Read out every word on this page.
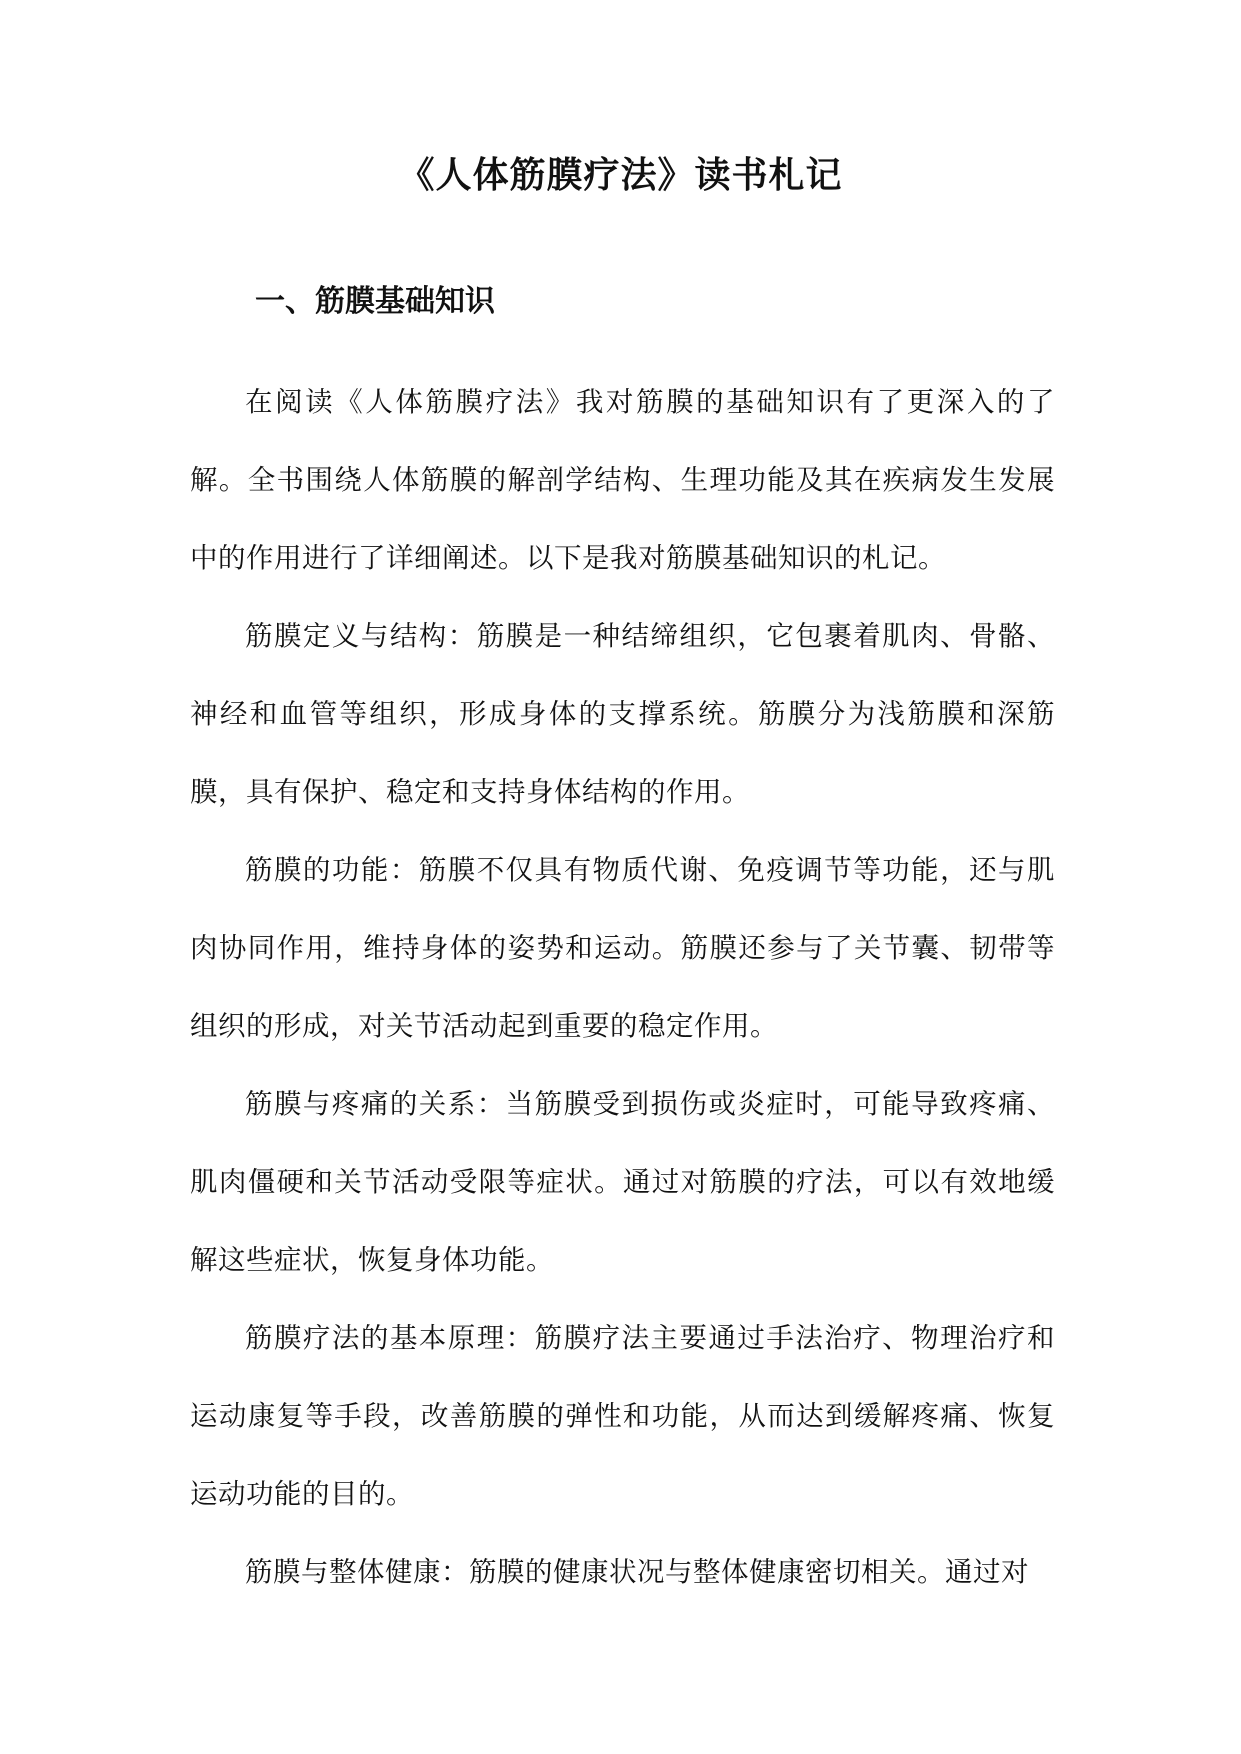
《人体筋膜疗法》读书札记
一、筋膜基础知识

在阅读《人体筋膜疗法》我对筋膜的基础知识有了更深入的了解。全书围绕人体筋膜的解剖学结构、生理功能及其在疾病发生发展中的作用进行了详细阐述。以下是我对筋膜基础知识的札记。

筋膜定义与结构：筋膜是一种结缔组织，它包裹着肌肉、骨骼、神经和血管等组织，形成身体的支撑系统。筋膜分为浅筋膜和深筋膜，具有保护、稳定和支持身体结构的作用。

筋膜的功能：筋膜不仅具有物质代谢、免疫调节等功能，还与肌肉协同作用，维持身体的姿势和运动。筋膜还参与了关节囊、韧带等组织的形成，对关节活动起到重要的稳定作用。

筋膜与疼痛的关系：当筋膜受到损伤或炎症时，可能导致疼痛、肌肉僵硬和关节活动受限等症状。通过对筋膜的疗法，可以有效地缓解这些症状，恢复身体功能。

筋膜疗法的基本原理：筋膜疗法主要通过手法治疗、物理治疗和运动康复等手段，改善筋膜的弹性和功能，从而达到缓解疼痛、恢复运动功能的目的。

筋膜与整体健康：筋膜的健康状况与整体健康密切相关。通过对
